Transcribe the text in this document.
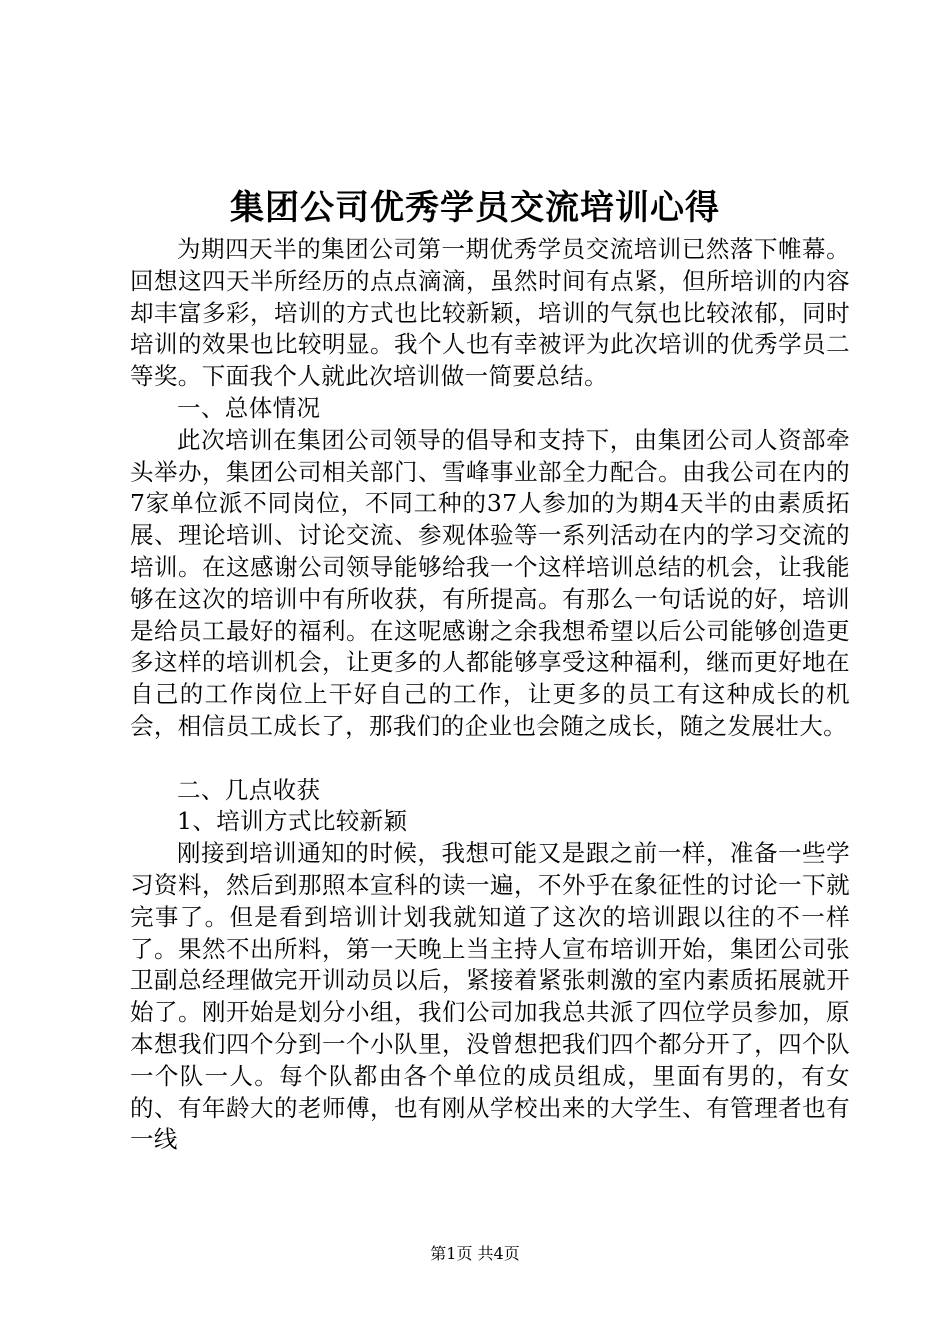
集团公司优秀学员交流培训心得

为期四天半的集团公司第一期优秀学员交流培训已然落下帷幕。回想这四天半所经历的点点滴滴，虽然时间有点紧，但所培训的内容却丰富多彩，培训的方式也比较新颖，培训的气氛也比较浓郁，同时培训的效果也比较明显。我个人也有幸被评为此次培训的优秀学员二等奖。下面我个人就此次培训做一简要总结。

一、总体情况

此次培训在集团公司领导的倡导和支持下，由集团公司人资部牵头举办，集团公司相关部门、雪峰事业部全力配合。由我公司在内的7家单位派不同岗位，不同工种的37人参加的为期4天半的由素质拓展、理论培训、讨论交流、参观体验等一系列活动在内的学习交流的培训。在这感谢公司领导能够给我一个这样培训总结的机会，让我能够在这次的培训中有所收获，有所提高。有那么一句话说的好，培训是给员工最好的福利。在这呢感谢之余我想希望以后公司能够创造更多这样的培训机会，让更多的人都能够享受这种福利，继而更好地在自己的工作岗位上干好自己的工作，让更多的员工有这种成长的机会，相信员工成长了，那我们的企业也会随之成长，随之发展壮大。

二、几点收获

1、培训方式比较新颖

刚接到培训通知的时候，我想可能又是跟之前一样，准备一些学习资料，然后到那照本宣科的读一遍，不外乎在象征性的讨论一下就完事了。但是看到培训计划我就知道了这次的培训跟以往的不一样了。果然不出所料，第一天晚上当主持人宣布培训开始，集团公司张卫副总经理做完开训动员以后，紧接着紧张刺激的室内素质拓展就开始了。刚开始是划分小组，我们公司加我总共派了四位学员参加，原本想我们四个分到一个小队里，没曾想把我们四个都分开了，四个队一个队一人。每个队都由各个单位的成员组成，里面有男的，有女的、有年龄大的老师傅，也有刚从学校出来的大学生、有管理者也有一线

第1页 共4页
